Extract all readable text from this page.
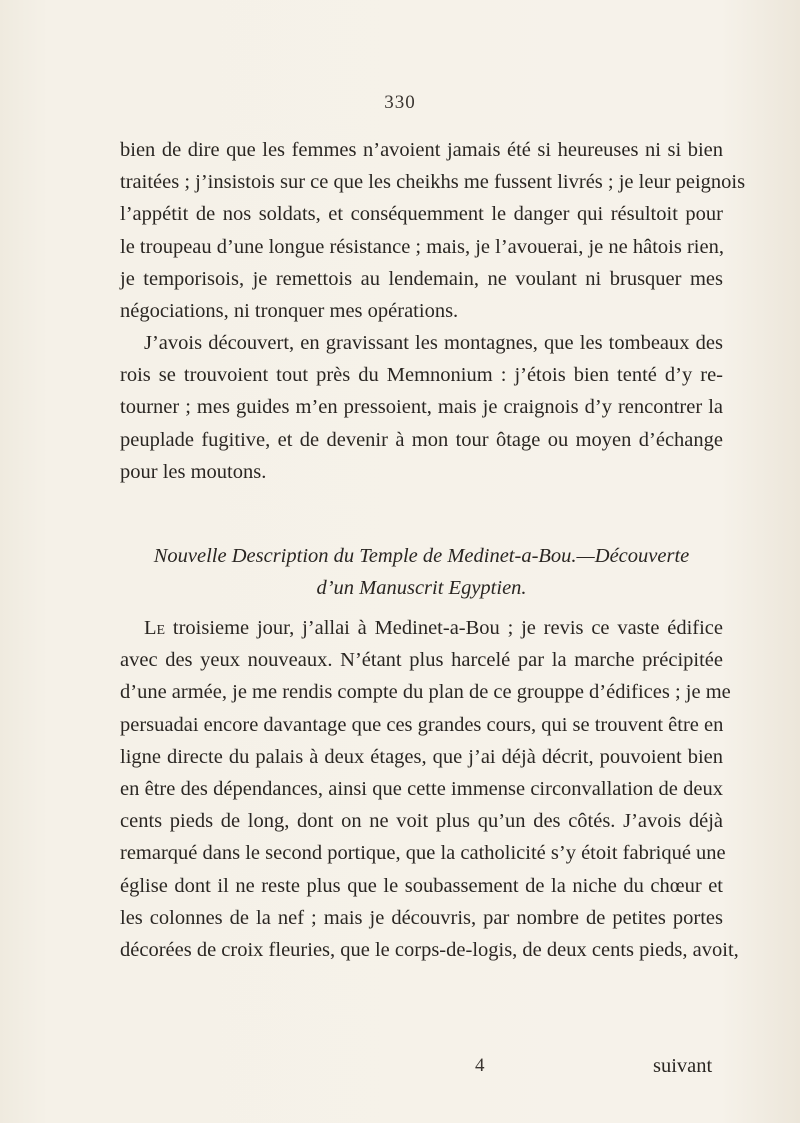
330
bien de dire que les femmes n’avoient jamais été si heureuses ni si bien
traitées ; j’insistois sur ce que les cheikhs me fussent livrés ; je leur peignois
l’appétit de nos soldats, et conséquemment le danger qui résultoit pour
le troupeau d’une longue résistance ; mais, je l’avouerai, je ne hâtois rien,
je temporisois, je remettois au lendemain, ne voulant ni brusquer mes
négociations, ni tronquer mes opérations.
J’avois découvert, en gravissant les montagnes, que les tombeaux des
rois se trouvoient tout près du Memnonium : j’étois bien tenté d’y re-
tourner ; mes guides m’en pressoient, mais je craignois d’y rencontrer la
peuplade fugitive, et de devenir à mon tour ôtage ou moyen d’échange
pour les moutons.
Nouvelle Description du Temple de Medinet-a-Bou.—Découverte
d’un Manuscrit Egyptien.
Le troisieme jour, j’allai à Medinet-a-Bou ; je revis ce vaste édifice
avec des yeux nouveaux. N’étant plus harcelé par la marche précipitée
d’une armée, je me rendis compte du plan de ce grouppe d’édifices ; je me
persuadai encore davantage que ces grandes cours, qui se trouvent être en
ligne directe du palais à deux étages, que j’ai déjà décrit, pouvoient bien
en être des dépendances, ainsi que cette immense circonvallation de deux
cents pieds de long, dont on ne voit plus qu’un des côtés. J’avois déjà
remarqué dans le second portique, que la catholicité s’y étoit fabriqué une
église dont il ne reste plus que le soubassement de la niche du chœur et
les colonnes de la nef ; mais je découvris, par nombre de petites portes
décorées de croix fleuries, que le corps-de-logis, de deux cents pieds, avoit,
4	suivant
